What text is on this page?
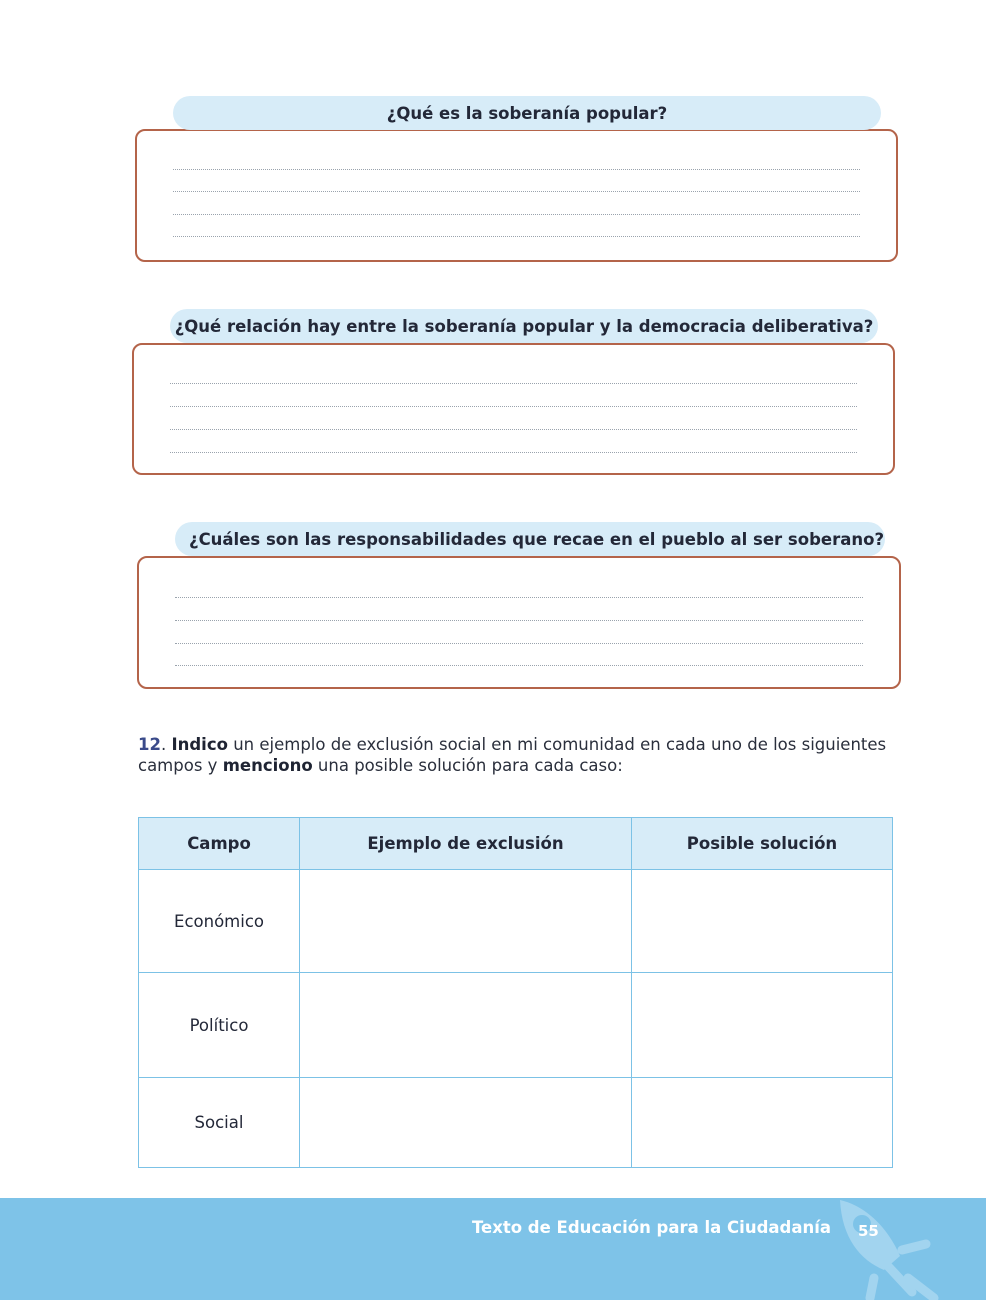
¿Qué es la soberanía popular?
¿Qué relación hay entre la soberanía popular y la democracia deliberativa?
¿Cuáles son las responsabilidades que recae en el pueblo al ser soberano?
12. Indico un ejemplo de exclusión social en mi comunidad en cada uno de los siguientes campos y menciono una posible solución para cada caso:
Campo	Ejemplo de exclusión	Posible solución
Económico		
Político		
Social		
Texto de Educación para la Ciudadanía 55
